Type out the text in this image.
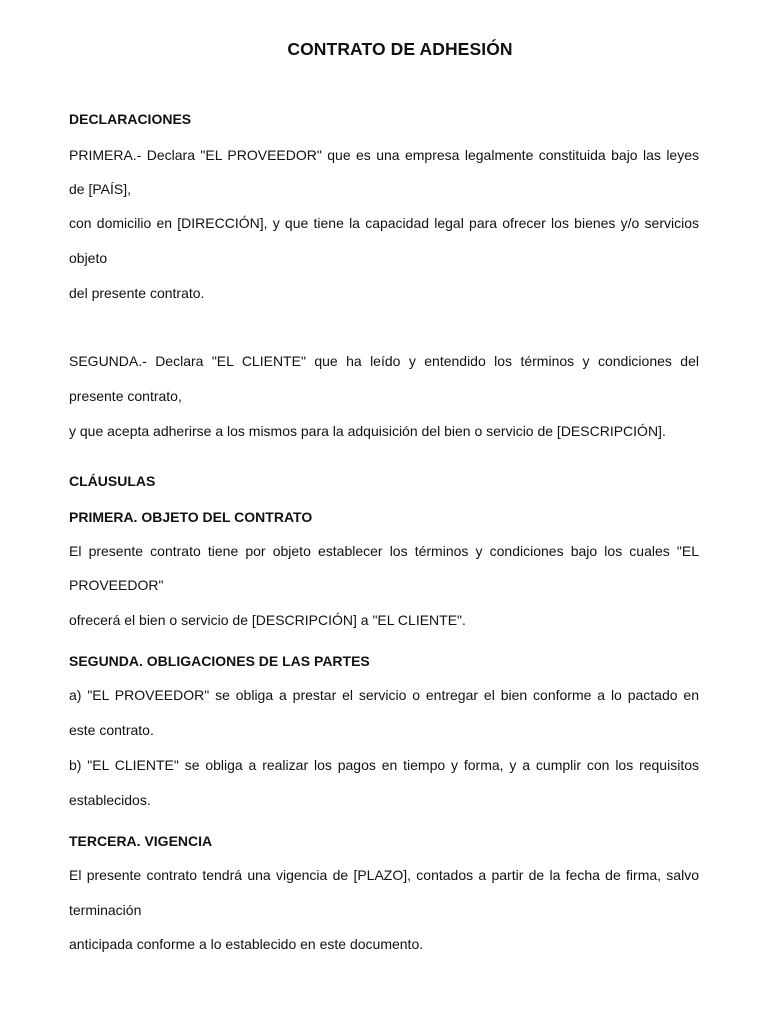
CONTRATO DE ADHESIÓN
DECLARACIONES
PRIMERA.- Declara "EL PROVEEDOR" que es una empresa legalmente constituida bajo las leyes
de [PAÍS],
con domicilio en [DIRECCIÓN], y que tiene la capacidad legal para ofrecer los bienes y/o servicios
objeto
del presente contrato.
SEGUNDA.- Declara "EL CLIENTE" que ha leído y entendido los términos y condiciones del
presente contrato,
y que acepta adherirse a los mismos para la adquisición del bien o servicio de [DESCRIPCIÓN].
CLÁUSULAS
PRIMERA. OBJETO DEL CONTRATO
El presente contrato tiene por objeto establecer los términos y condiciones bajo los cuales "EL
PROVEEDOR"
ofrecerá el bien o servicio de [DESCRIPCIÓN] a "EL CLIENTE".
SEGUNDA. OBLIGACIONES DE LAS PARTES
a) "EL PROVEEDOR" se obliga a prestar el servicio o entregar el bien conforme a lo pactado en
este contrato.
b) "EL CLIENTE" se obliga a realizar los pagos en tiempo y forma, y a cumplir con los requisitos
establecidos.
TERCERA. VIGENCIA
El presente contrato tendrá una vigencia de [PLAZO], contados a partir de la fecha de firma, salvo
terminación
anticipada conforme a lo establecido en este documento.
